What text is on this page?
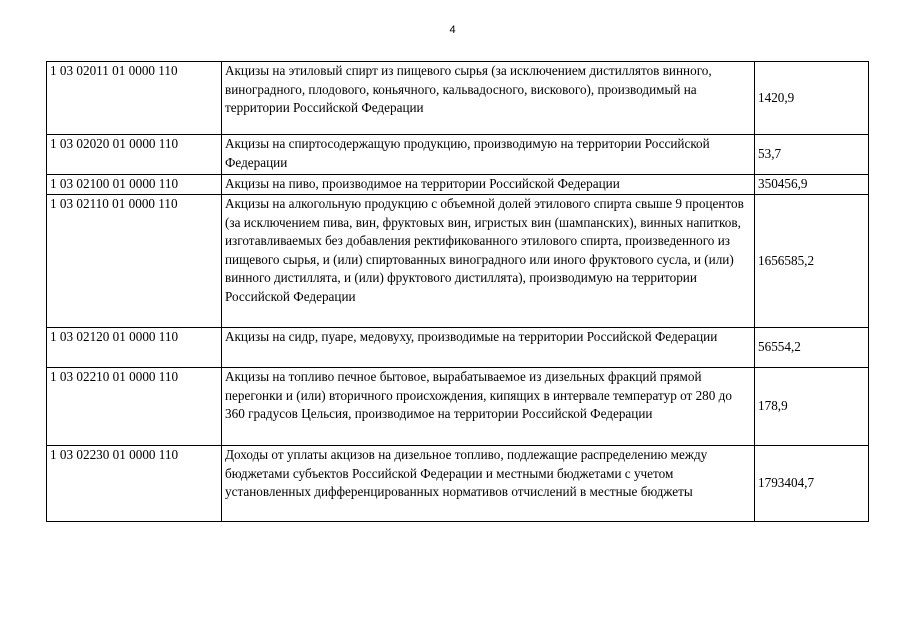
4
1 03 02011 01 0000 110	Акцизы на этиловый спирт из пищевого сырья (за исключением дистиллятов винного, виноградного, плодового, коньячного, кальвадосного, вискового), производимый на территории Российской Федерации	1420,9
1 03 02020 01 0000 110	Акцизы на спиртосодержащую продукцию, производимую на территории Российской Федерации	53,7
1 03 02100 01 0000 110	Акцизы на пиво, производимое на территории Российской Федерации	350456,9
1 03 02110 01 0000 110	Акцизы на алкогольную продукцию с объемной долей этилового спирта свыше 9 процентов (за исключением пива, вин, фруктовых вин, игристых вин (шампанских), винных напитков, изготавливаемых без добавления ректификованного этилового спирта, произведенного из пищевого сырья, и (или) спиртованных виноградного или иного фруктового сусла, и (или) винного дистиллята, и (или) фруктового дистиллята), производимую на территории Российской Федерации	1656585,2
1 03 02120 01 0000 110	Акцизы на сидр, пуаре, медовуху, производимые на территории Российской Федерации	56554,2
1 03 02210 01 0000 110	Акцизы на топливо печное бытовое, вырабатываемое из дизельных фракций прямой перегонки и (или) вторичного происхождения, кипящих в интервале температур от 280 до 360 градусов Цельсия, производимое на территории Российской Федерации	178,9
1 03 02230 01 0000 110	Доходы от уплаты акцизов на дизельное топливо, подлежащие распределению между бюджетами субъектов Российской Федерации и местными бюджетами с учетом установленных дифференцированных нормативов отчислений в местные бюджеты	1793404,7
